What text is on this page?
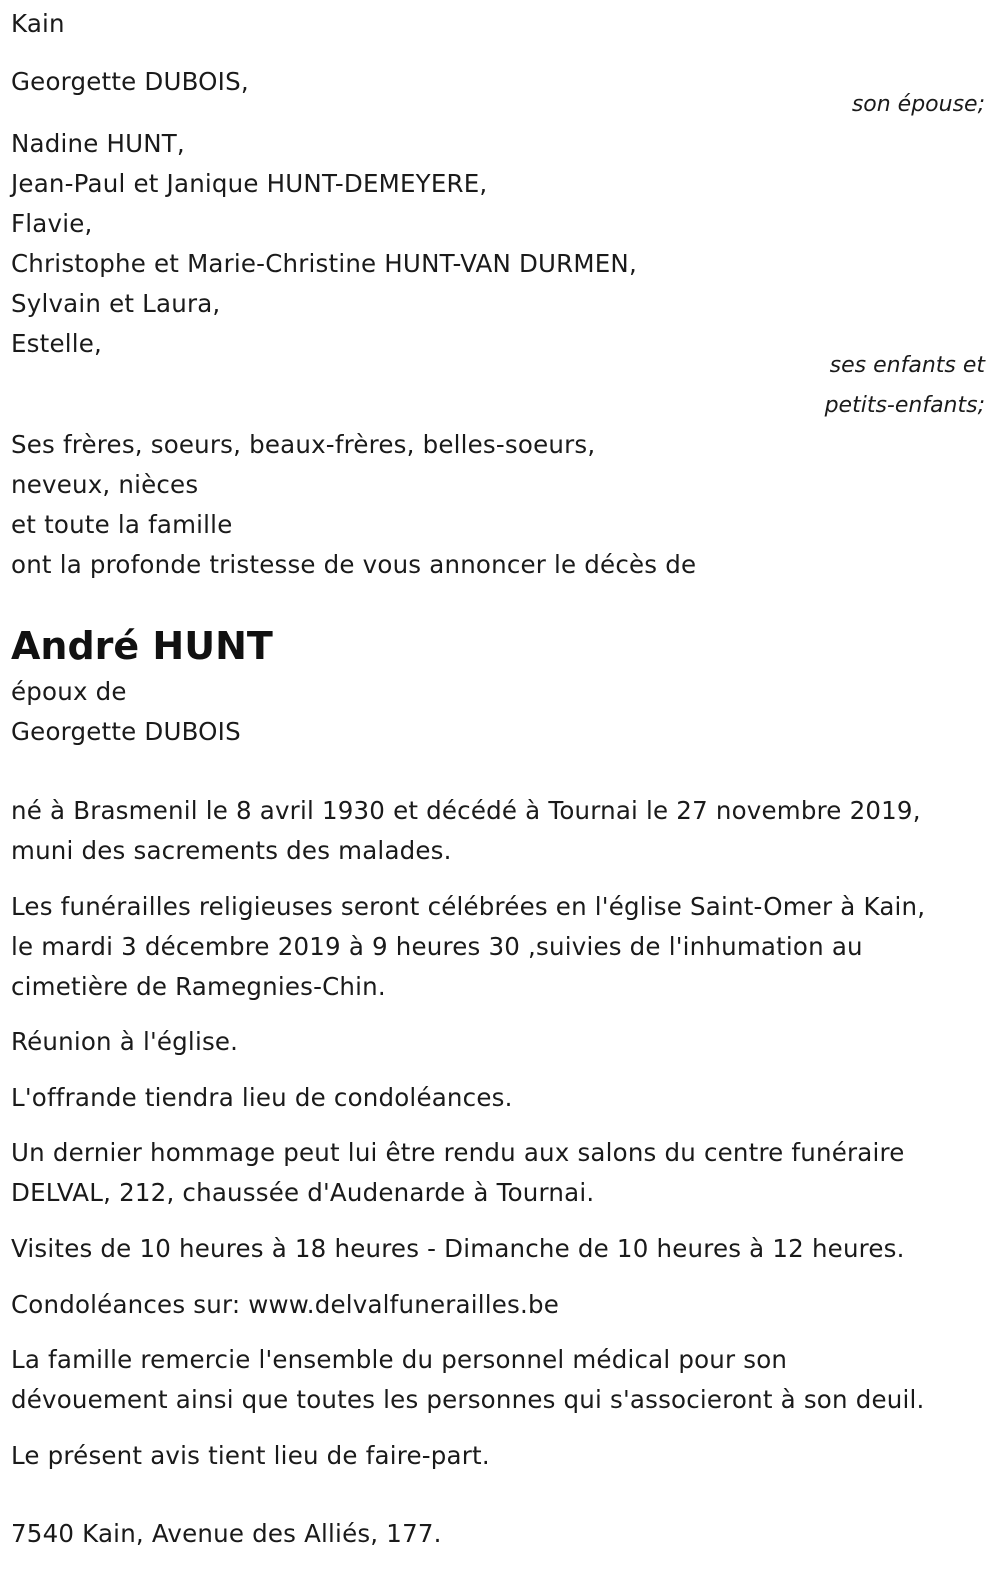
Kain
Georgette DUBOIS,
son épouse;
Nadine HUNT,
Jean-Paul et Janique HUNT-DEMEYERE,
Flavie,
Christophe et Marie-Christine HUNT-VAN DURMEN,
Sylvain et Laura,
Estelle,
ses enfants et
petits-enfants;
Ses frères, soeurs, beaux-frères, belles-soeurs,
neveux, nièces
et toute la famille
ont la profonde tristesse de vous annoncer le décès de
André HUNT
époux de
Georgette DUBOIS
né à Brasmenil le 8 avril 1930 et décédé à Tournai le 27 novembre 2019,
muni des sacrements des malades.
Les funérailles religieuses seront célébrées en l'église Saint-Omer à Kain,
le mardi 3 décembre 2019 à 9 heures 30 ,suivies de l'inhumation au
cimetière de Ramegnies-Chin.
Réunion à l'église.
L'offrande tiendra lieu de condoléances.
Un dernier hommage peut lui être rendu aux salons du centre funéraire
DELVAL, 212, chaussée d'Audenarde à Tournai.
Visites de 10 heures à 18 heures - Dimanche de 10 heures à 12 heures.
Condoléances sur: www.delvalfunerailles.be
La famille remercie l'ensemble du personnel médical pour son
dévouement ainsi que toutes les personnes qui s'associeront à son deuil.
Le présent avis tient lieu de faire-part.
7540 Kain, Avenue des Alliés, 177.
